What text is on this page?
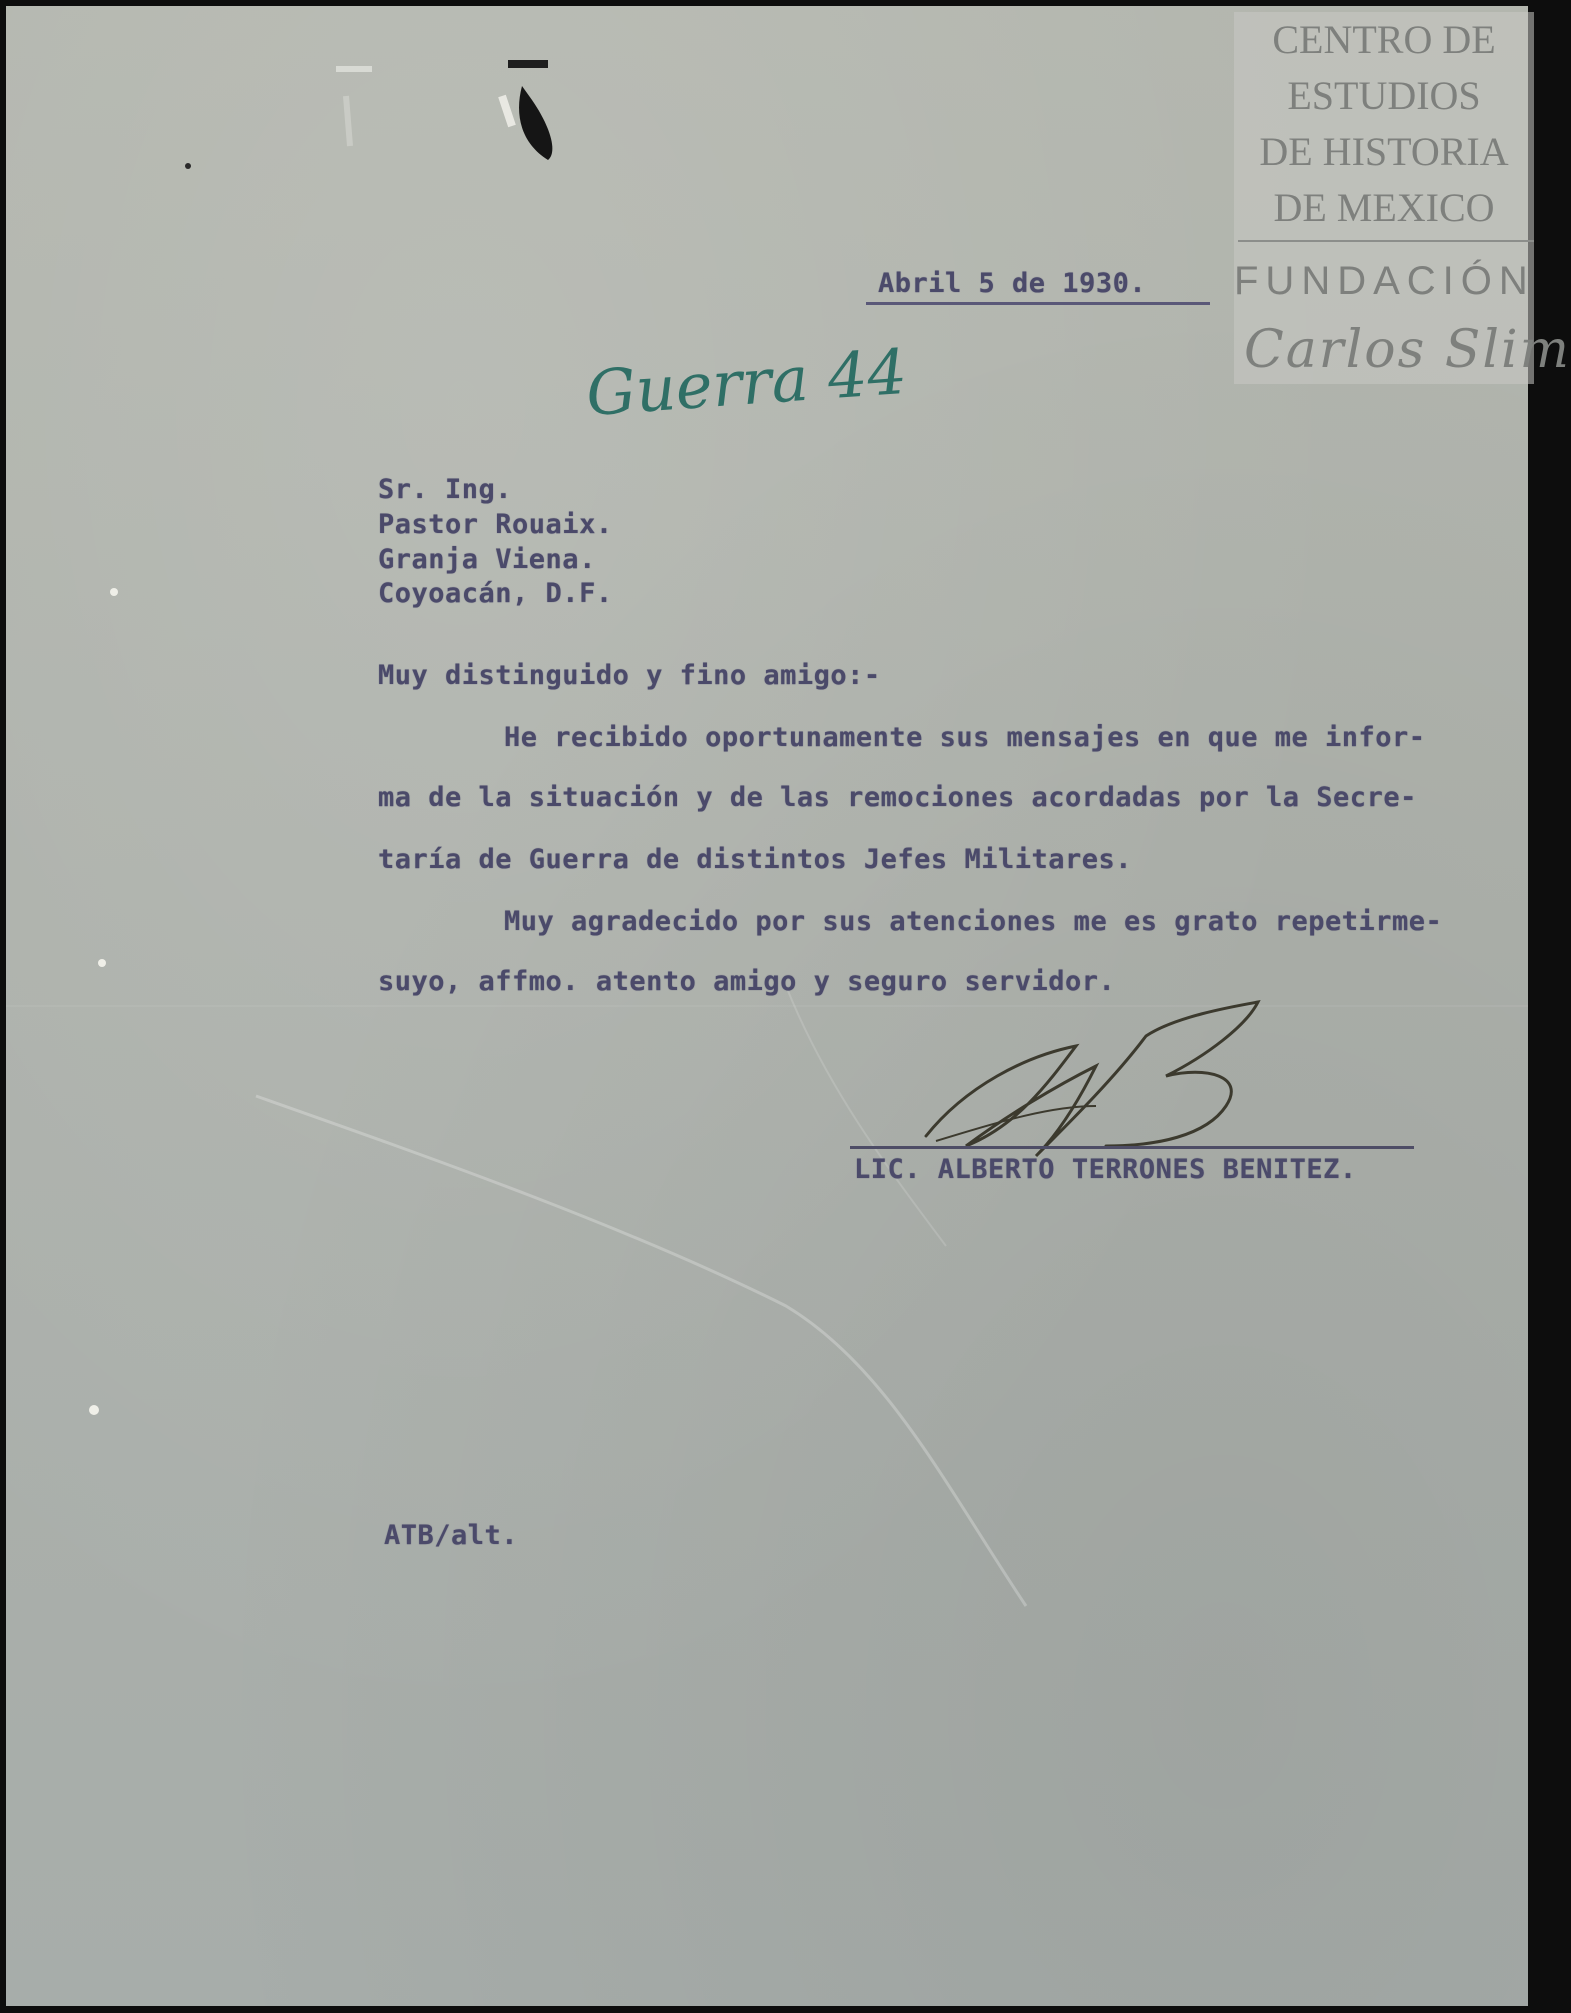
CENTRO DE
ESTUDIOS
DE HISTORIA
DE MEXICO
FUNDACIÓN
Carlos Slim
Abril 5 de 1930.
Guerra 44
Sr. Ing.
Pastor Rouaix.
Granja Viena.
Coyoacán, D.F.
Muy distinguido y fino amigo:-
He recibido oportunamente sus mensajes en que me infor-
ma de la situación y de las remociones acordadas por la Secre-
taría de Guerra de distintos Jefes Militares.
Muy agradecido por sus atenciones me es grato repetirme-
suyo, affmo. atento amigo y seguro servidor.
LIC. ALBERTO TERRONES BENITEZ.
ATB/alt.
